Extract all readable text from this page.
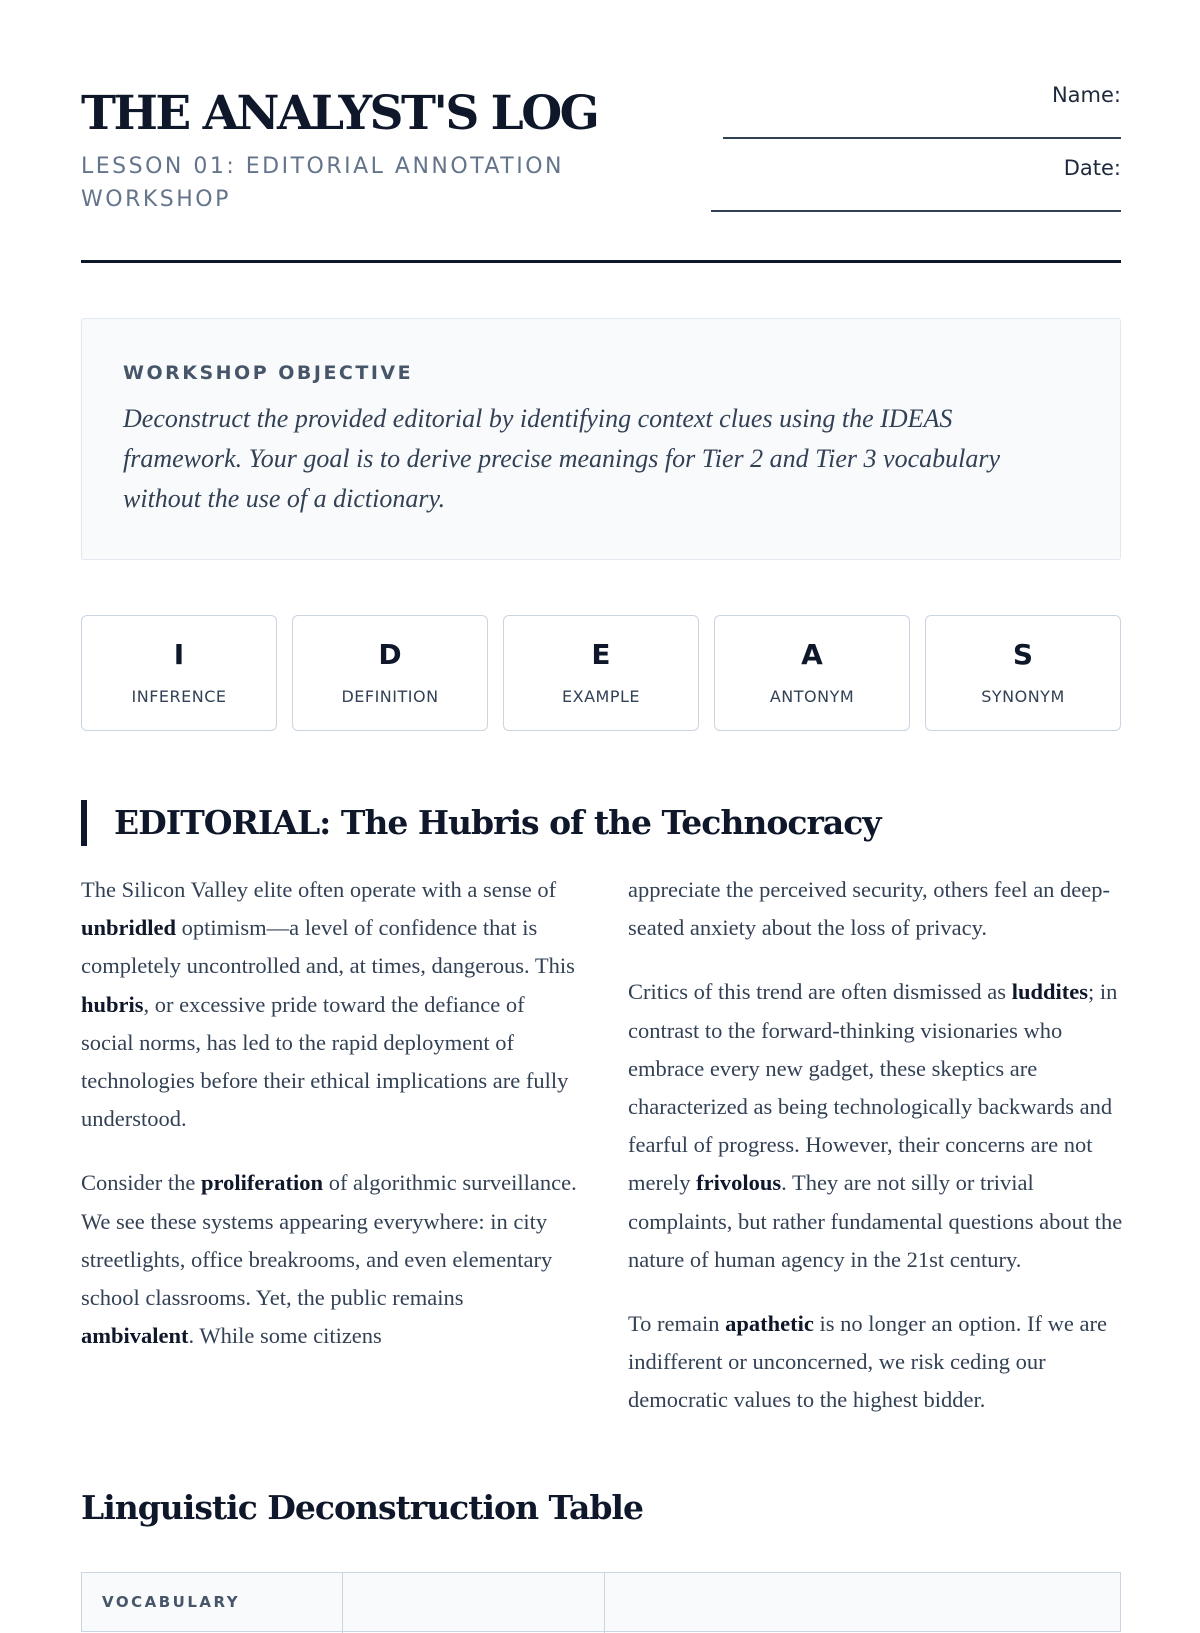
THE ANALYST'S LOG
LESSON 01: EDITORIAL ANNOTATION WORKSHOP
Name:
Date:
WORKSHOP OBJECTIVE
Deconstruct the provided editorial by identifying context clues using the IDEAS framework. Your goal is to derive precise meanings for Tier 2 and Tier 3 vocabulary without the use of a dictionary.
I
INFERENCE
D
DEFINITION
E
EXAMPLE
A
ANTONYM
S
SYNONYM
EDITORIAL: The Hubris of the Technocracy
The Silicon Valley elite often operate with a sense of unbridled optimism—a level of confidence that is completely uncontrolled and, at times, dangerous. This hubris, or excessive pride toward the defiance of social norms, has led to the rapid deployment of technologies before their ethical implications are fully understood.
Consider the proliferation of algorithmic surveillance. We see these systems appearing everywhere: in city streetlights, office breakrooms, and even elementary school classrooms. Yet, the public remains ambivalent. While some citizens
appreciate the perceived security, others feel an deep-seated anxiety about the loss of privacy.
Critics of this trend are often dismissed as luddites; in contrast to the forward-thinking visionaries who embrace every new gadget, these skeptics are characterized as being technologically backwards and fearful of progress. However, their concerns are not merely frivolous. They are not silly or trivial complaints, but rather fundamental questions about the nature of human agency in the 21st century.
To remain apathetic is no longer an option. If we are indifferent or unconcerned, we risk ceding our democratic values to the highest bidder.
Linguistic Deconstruction Table
VOCABULARY
